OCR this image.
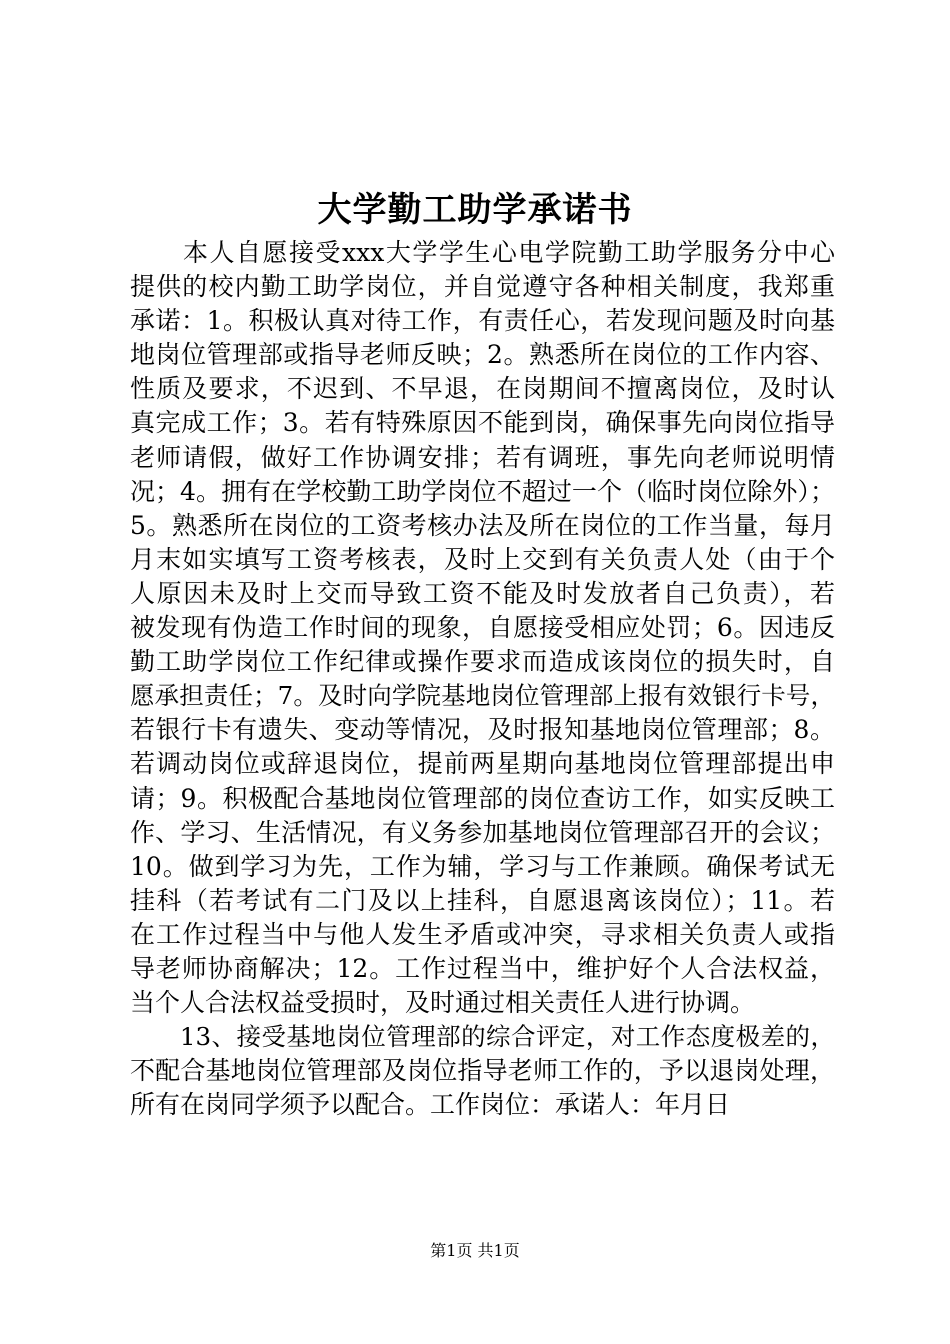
大学勤工助学承诺书
　　本人自愿接受xxx大学学生心电学院勤工助学服务分中心
提供的校内勤工助学岗位，并自觉遵守各种相关制度，我郑重
承诺：1。积极认真对待工作，有责任心，若发现问题及时向基
地岗位管理部或指导老师反映；2。熟悉所在岗位的工作内容、
性质及要求，不迟到、不早退，在岗期间不擅离岗位，及时认
真完成工作；3。若有特殊原因不能到岗，确保事先向岗位指导
老师请假，做好工作协调安排；若有调班，事先向老师说明情
况；4。拥有在学校勤工助学岗位不超过一个（临时岗位除外）；
5。熟悉所在岗位的工资考核办法及所在岗位的工作当量，每月
月末如实填写工资考核表，及时上交到有关负责人处（由于个
人原因未及时上交而导致工资不能及时发放者自己负责），若
被发现有伪造工作时间的现象，自愿接受相应处罚；6。因违反
勤工助学岗位工作纪律或操作要求而造成该岗位的损失时，自
愿承担责任；7。及时向学院基地岗位管理部上报有效银行卡号，
若银行卡有遗失、变动等情况，及时报知基地岗位管理部；8。
若调动岗位或辞退岗位，提前两星期向基地岗位管理部提出申
请；9。积极配合基地岗位管理部的岗位查访工作，如实反映工
作、学习、生活情况，有义务参加基地岗位管理部召开的会议；
10。做到学习为先，工作为辅，学习与工作兼顾。确保考试无
挂科（若考试有二门及以上挂科，自愿退离该岗位）；11。若
在工作过程当中与他人发生矛盾或冲突，寻求相关负责人或指
导老师协商解决；12。工作过程当中，维护好个人合法权益，
当个人合法权益受损时，及时通过相关责任人进行协调。
　　13、接受基地岗位管理部的综合评定，对工作态度极差的，
不配合基地岗位管理部及岗位指导老师工作的，予以退岗处理，
所有在岗同学须予以配合。工作岗位：承诺人：年月日
第1页 共1页
